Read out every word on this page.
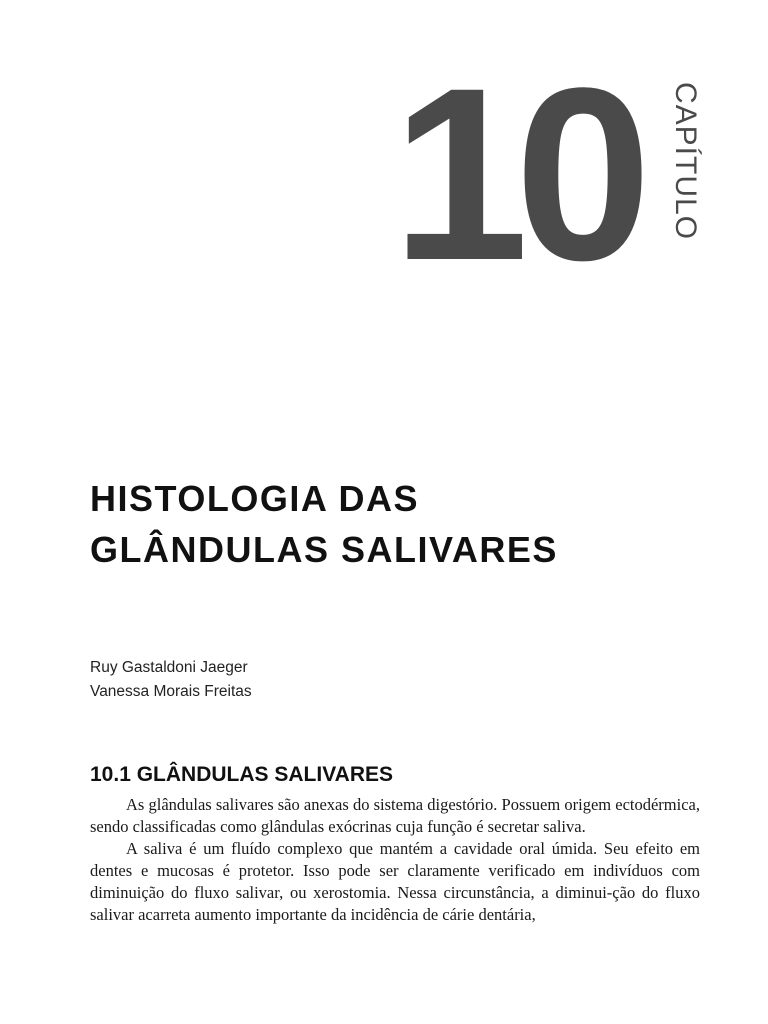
10 CAPÍTULO
HISTOLOGIA DAS
GLÂNDULAS SALIVARES
Ruy Gastaldoni Jaeger
Vanessa Morais Freitas
10.1 GLÂNDULAS SALIVARES

As glândulas salivares são anexas do sistema digestório. Possuem origem ectodérmica, sendo classificadas como glândulas exócrinas cuja função é secretar saliva.

A saliva é um fluído complexo que mantém a cavidade oral úmida. Seu efeito em dentes e mucosas é protetor. Isso pode ser claramente verificado em indivíduos com diminuição do fluxo salivar, ou xerostomia. Nessa circunstância, a diminui-ção do fluxo salivar acarreta aumento importante da incidência de cárie dentária,
